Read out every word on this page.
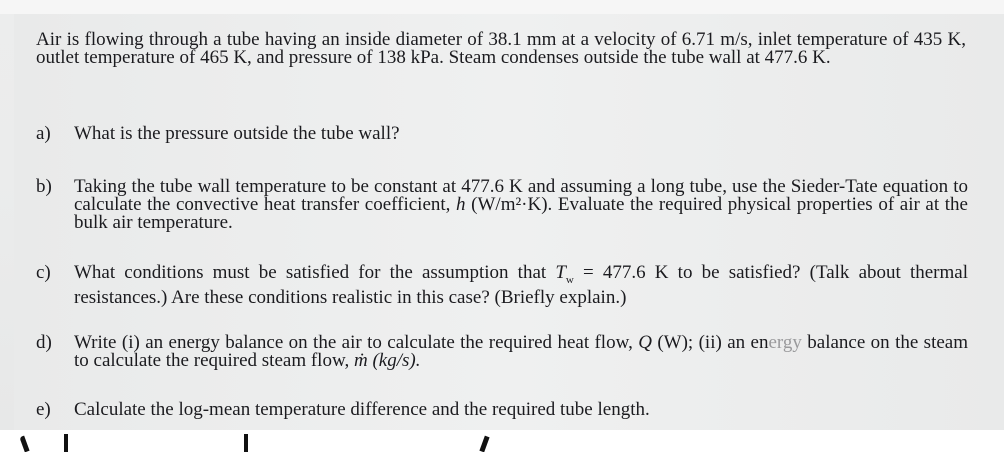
Air is flowing through a tube having an inside diameter of 38.1 mm at a velocity of 6.71 m/s, inlet temperature of 435 K, outlet temperature of 465 K, and pressure of 138 kPa. Steam condenses outside the tube wall at 477.6 K.

a)	What is the pressure outside the tube wall?
b)	Taking the tube wall temperature to be constant at 477.6 K and assuming a long tube, use the Sieder-Tate equation to calculate the convective heat transfer coefficient, h (W/m²·K). Evaluate the required physical properties of air at the bulk air temperature.
c)	What conditions must be satisfied for the assumption that $T_w = 477.6$ K to be satisfied? (Talk about thermal resistances.) Are these conditions realistic in this case? (Briefly explain.)
d)	Write (i) an energy balance on the air to calculate the required heat flow, Q (W); (ii) an energy balance on the steam to calculate the required steam flow, ṁ (kg/s).
e)	Calculate the log-mean temperature difference and the required tube length.
